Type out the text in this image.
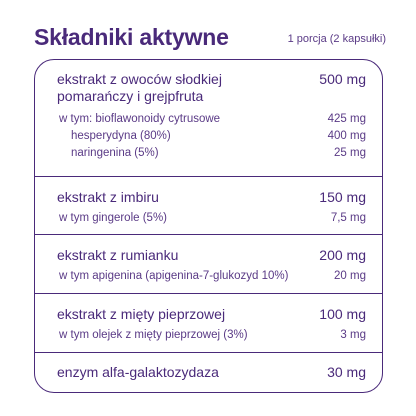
Składniki aktywne	1 porcja (2 kapsułki)
ekstrakt z owoców słodkiej
pomarańczy i grejpfruta
500 mg
w tym: bioflawonoidy cytrusowe	425 mg
hesperydyna (80%)	400 mg
naringenina (5%)	25 mg
ekstrakt z imbiru	150 mg
w tym gingerole (5%)	7,5 mg
ekstrakt z rumianku	200 mg
w tym apigenina (apigenina-7-glukozyd 10%)	20 mg
ekstrakt z mięty pieprzowej	100 mg
w tym olejek z mięty pieprzowej (3%)	3 mg
enzym alfa-galaktozydaza	30 mg
